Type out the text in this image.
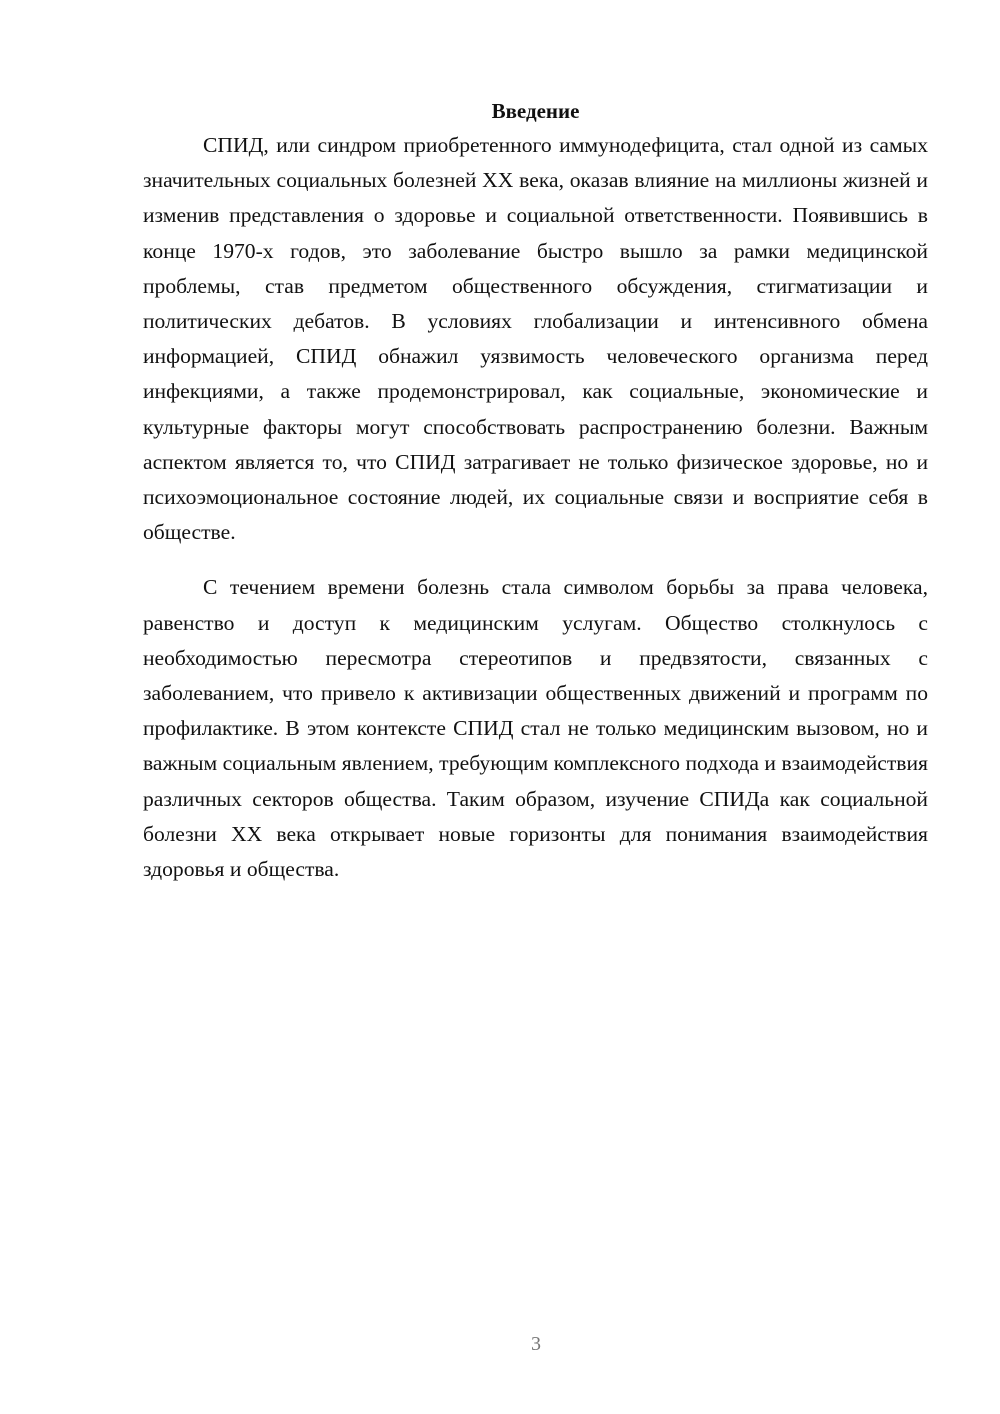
Введение

СПИД, или синдром приобретенного иммунодефицита, стал одной из самых значительных социальных болезней XX века, оказав влияние на миллионы жизней и изменив представления о здоровье и социальной ответственности. Появившись в конце 1970-х годов, это заболевание быстро вышло за рамки медицинской проблемы, став предметом общественного обсуждения, стигматизации и политических дебатов. В условиях глобализации и интенсивного обмена информацией, СПИД обнажил уязвимость человеческого организма перед инфекциями, а также продемонстрировал, как социальные, экономические и культурные факторы могут способствовать распространению болезни. Важным аспектом является то, что СПИД затрагивает не только физическое здоровье, но и психоэмоциональное состояние людей, их социальные связи и восприятие себя в обществе.

С течением времени болезнь стала символом борьбы за права человека, равенство и доступ к медицинским услугам. Общество столкнулось с необходимостью пересмотра стереотипов и предвзятости, связанных с заболеванием, что привело к активизации общественных движений и программ по профилактике. В этом контексте СПИД стал не только медицинским вызовом, но и важным социальным явлением, требующим комплексного подхода и взаимодействия различных секторов общества. Таким образом, изучение СПИДа как социальной болезни XX века открывает новые горизонты для понимания взаимодействия здоровья и общества.

3
